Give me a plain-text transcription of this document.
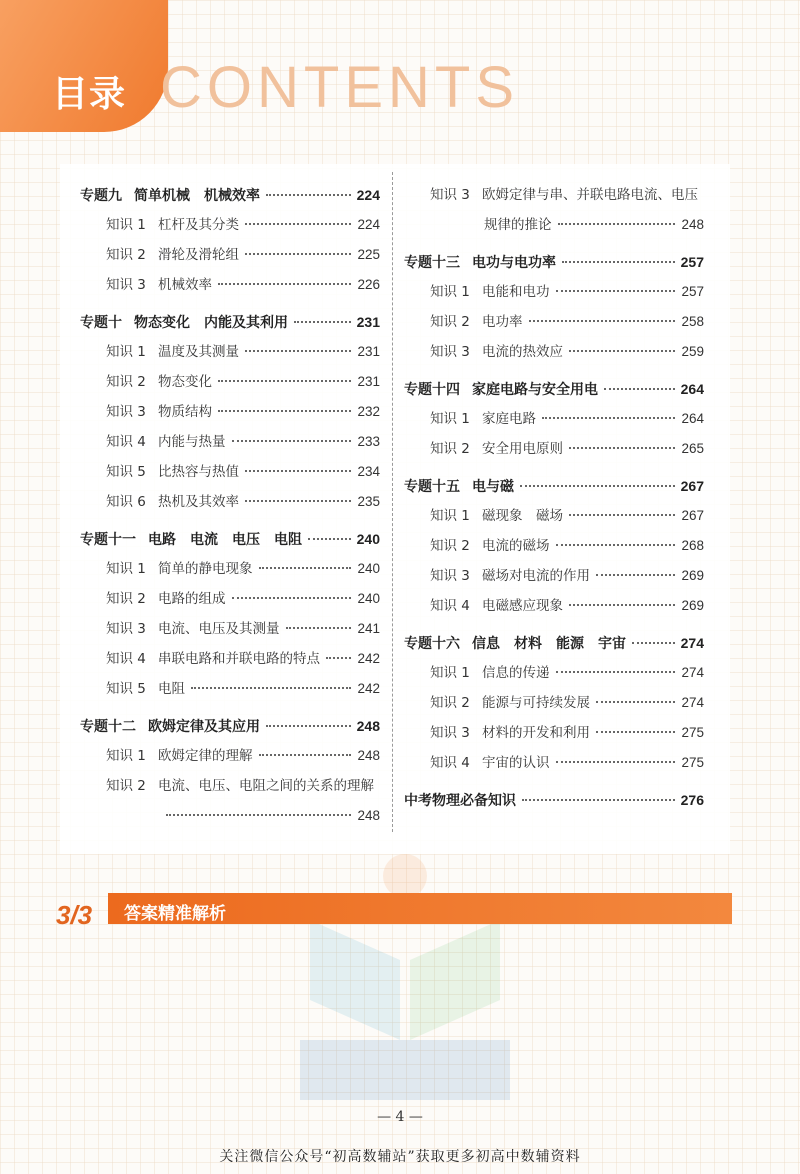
目录 CONTENTS
专题九 简单机械　机械效率	224
知识 1 杠杆及其分类	224
知识 2 滑轮及滑轮组	225
知识 3 机械效率	226
专题十 物态变化　内能及其利用	231
知识 1 温度及其测量	231
知识 2 物态变化	231
知识 3 物质结构	232
知识 4 内能与热量	233
知识 5 比热容与热值	234
知识 6 热机及其效率	235
专题十一 电路　电流　电压　电阻	240
知识 1 简单的静电现象	240
知识 2 电路的组成	240
知识 3 电流、电压及其测量	241
知识 4 串联电路和并联电路的特点	242
知识 5 电阻	242
专题十二 欧姆定律及其应用	248
知识 1 欧姆定律的理解	248
知识 2 电流、电压、电阻之间的关系的理解
248
知识 3 欧姆定律与串、并联电路电流、电压
规律的推论	248
专题十三 电功与电功率	257
知识 1 电能和电功	257
知识 2 电功率	258
知识 3 电流的热效应	259
专题十四 家庭电路与安全用电	264
知识 1 家庭电路	264
知识 2 安全用电原则	265
专题十五 电与磁	267
知识 1 磁现象　磁场	267
知识 2 电流的磁场	268
知识 3 磁场对电流的作用	269
知识 4 电磁感应现象	269
专题十六 信息　材料　能源　宇宙	274
知识 1 信息的传递	274
知识 2 能源与可持续发展	274
知识 3 材料的开发和利用	275
知识 4 宇宙的认识	275
中考物理必备知识	276
3/3 答案精准解析
— 4 —
关注微信公众号“初高数辅站”获取更多初高中数辅资料
